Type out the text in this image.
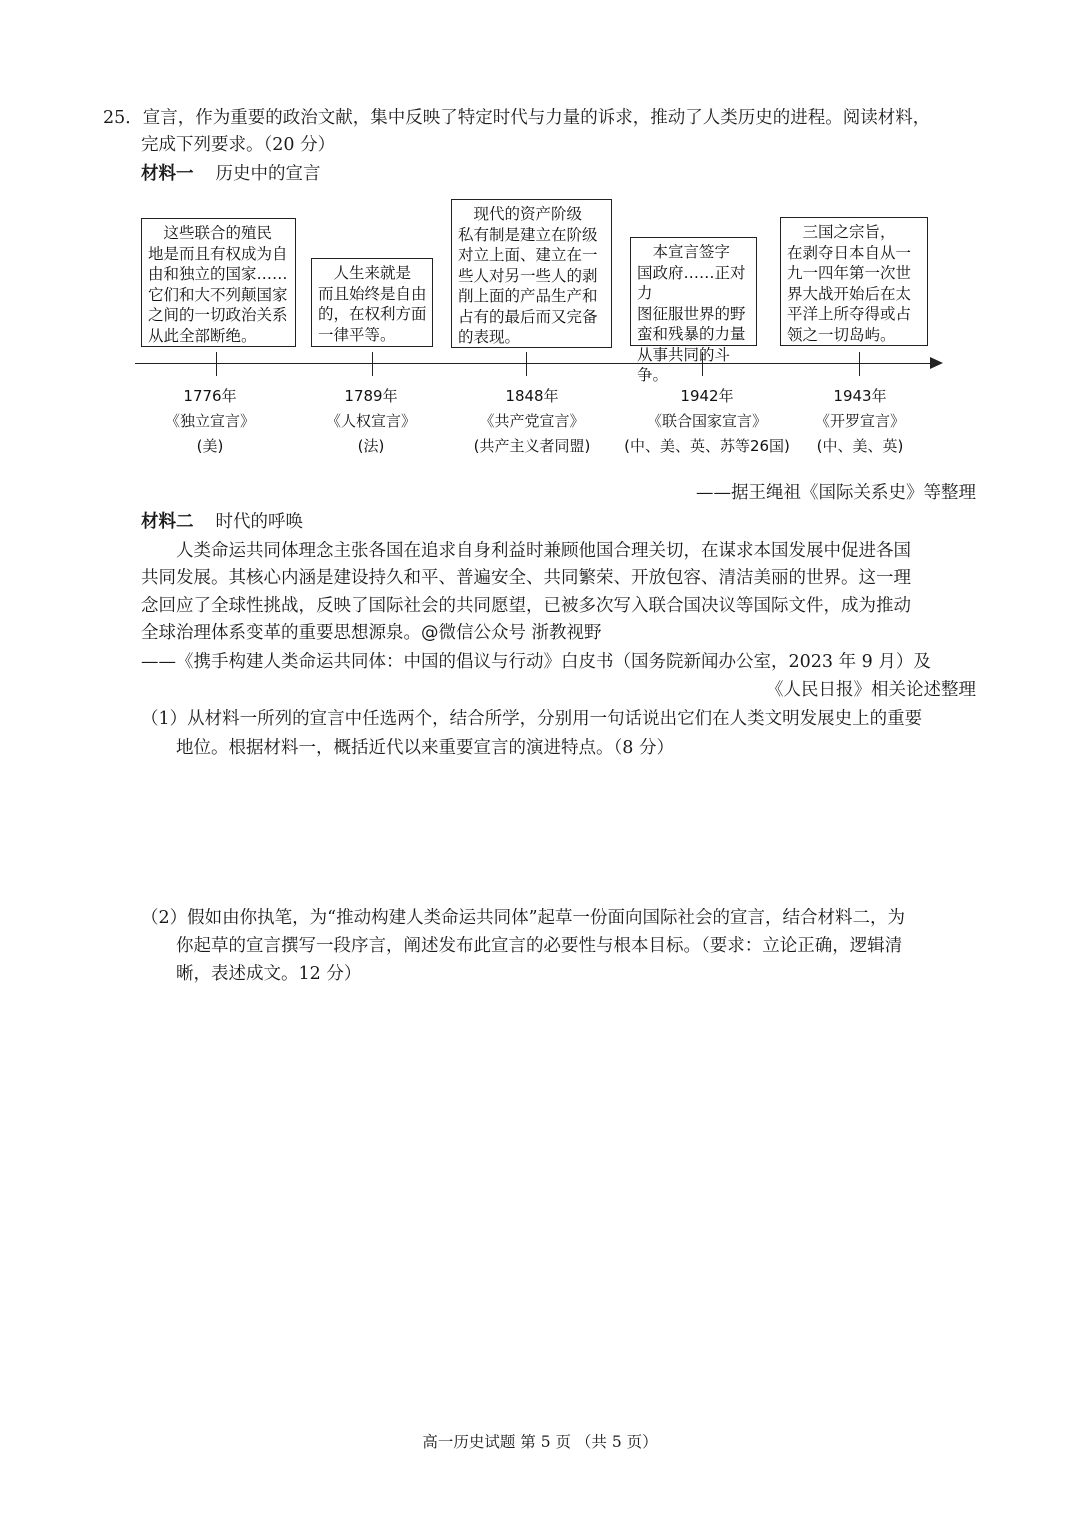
25．宣言，作为重要的政治文献，集中反映了特定时代与力量的诉求，推动了人类历史的进程。阅读材料，
完成下列要求。（20 分）
材料一 历史中的宣言
　这些联合的殖民
地是而且有权成为自
由和独立的国家……
它们和大不列颠国家
之间的一切政治关系
从此全部断绝。
　人生来就是
而且始终是自由
的，在权利方面
一律平等。
　现代的资产阶级
私有制是建立在阶级
对立上面、建立在一
些人对另一些人的剥
削上面的产品生产和
占有的最后而又完备
的表现。
　本宣言签字
国政府……正对力
图征服世界的野
蛮和残暴的力量
从事共同的斗争。
　三国之宗旨，
在剥夺日本自从一
九一四年第一次世
界大战开始后在太
平洋上所夺得或占
领之一切岛屿。
1776年
《独立宣言》
(美)
1789年
《人权宣言》
(法)
1848年
《共产党宣言》
(共产主义者同盟)
1942年
《联合国家宣言》
(中、美、英、苏等26国)
1943年
《开罗宣言》
(中、美、英)
——据王绳祖《国际关系史》等整理
材料二 时代的呼唤
人类命运共同体理念主张各国在追求自身利益时兼顾他国合理关切，在谋求本国发展中促进各国
共同发展。其核心内涵是建设持久和平、普遍安全、共同繁荣、开放包容、清洁美丽的世界。这一理
念回应了全球性挑战，反映了国际社会的共同愿望，已被多次写入联合国决议等国际文件，成为推动
全球治理体系变革的重要思想源泉。@微信公众号 浙教视野
——《携手构建人类命运共同体：中国的倡议与行动》白皮书（国务院新闻办公室，2023 年 9 月）及
《人民日报》相关论述整理
（1）从材料一所列的宣言中任选两个，结合所学，分别用一句话说出它们在人类文明发展史上的重要
地位。根据材料一，概括近代以来重要宣言的演进特点。（8 分）
（2）假如由你执笔，为“推动构建人类命运共同体”起草一份面向国际社会的宣言，结合材料二，为
你起草的宣言撰写一段序言，阐述发布此宣言的必要性与根本目标。（要求：立论正确，逻辑清
晰，表述成文。12 分）
高一历史试题 第 5 页 （共 5 页）
